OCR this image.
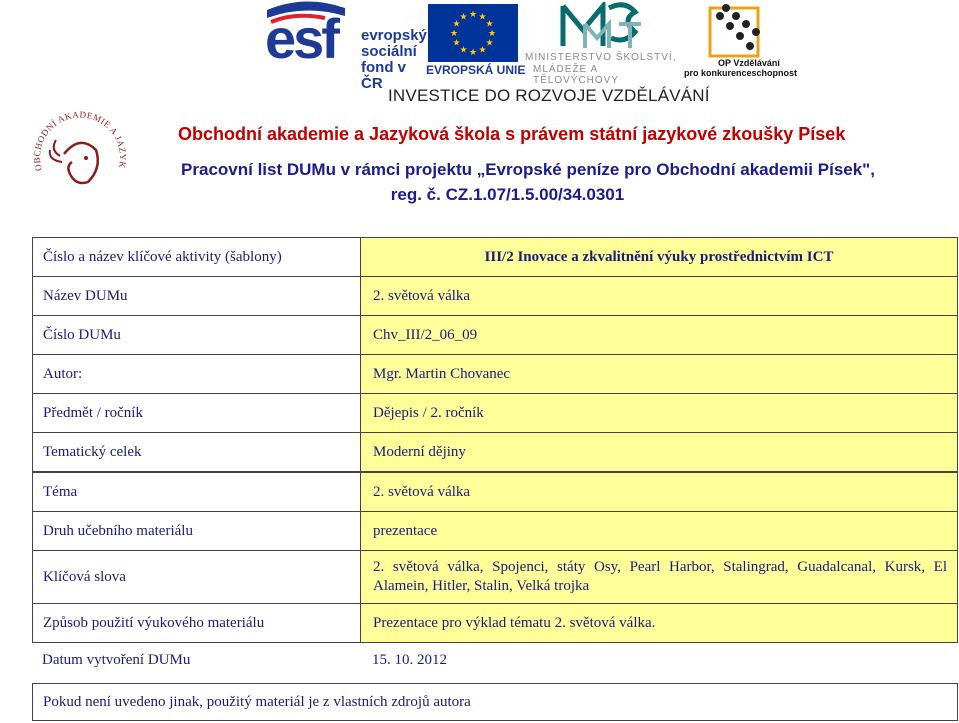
esf evropský
sociální
fond v ČR
★ ★
★
★
★
★
★
★
★
★
★
★
EVROPSKÁ UNIE
MINISTERSTVO ŠKOLSTVÍ,
MLÁDEŽE A TĚLOVÝCHOVY
OP Vzdělávání
pro konkurenceschopnost
INVESTICE DO ROZVOJE VZDĚLÁVÁNÍ
OBCHODNÍ AKADEMIE A JAZYK
Obchodní akademie a Jazyková škola s právem státní jazykové zkoušky Písek
Pracovní list DUMu v rámci projektu „Evropské peníze pro Obchodní akademii Písek",
reg. č. CZ.1.07/1.5.00/34.0301
Číslo a název klíčové aktivity (šablony)	III/2 Inovace a zkvalitnění výuky prostřednictvím ICT
Název DUMu
Číslo DUMu
Autor:
Předmět / ročník
Tematický celek
Téma
Druh učebního materiálu
Klíčová slova
Způsob použití výukového materiálu
2. světová válka
Chv_III/2_06_09
Mgr. Martin Chovanec
Dějepis / 2. ročník
Moderní dějiny
2. světová válka
prezentace
2. světová válka, Spojenci, státy Osy, Pearl Harbor, Stalingrad, Guadalcanal, Kursk, El Alamein, Hitler, Stalin, Velká trojka
Prezentace pro výklad tématu 2. světová válka.
Datum vytvoření DUMu	15. 10. 2012
Pokud není uvedeno jinak, použitý materiál je z vlastních zdrojů autora
